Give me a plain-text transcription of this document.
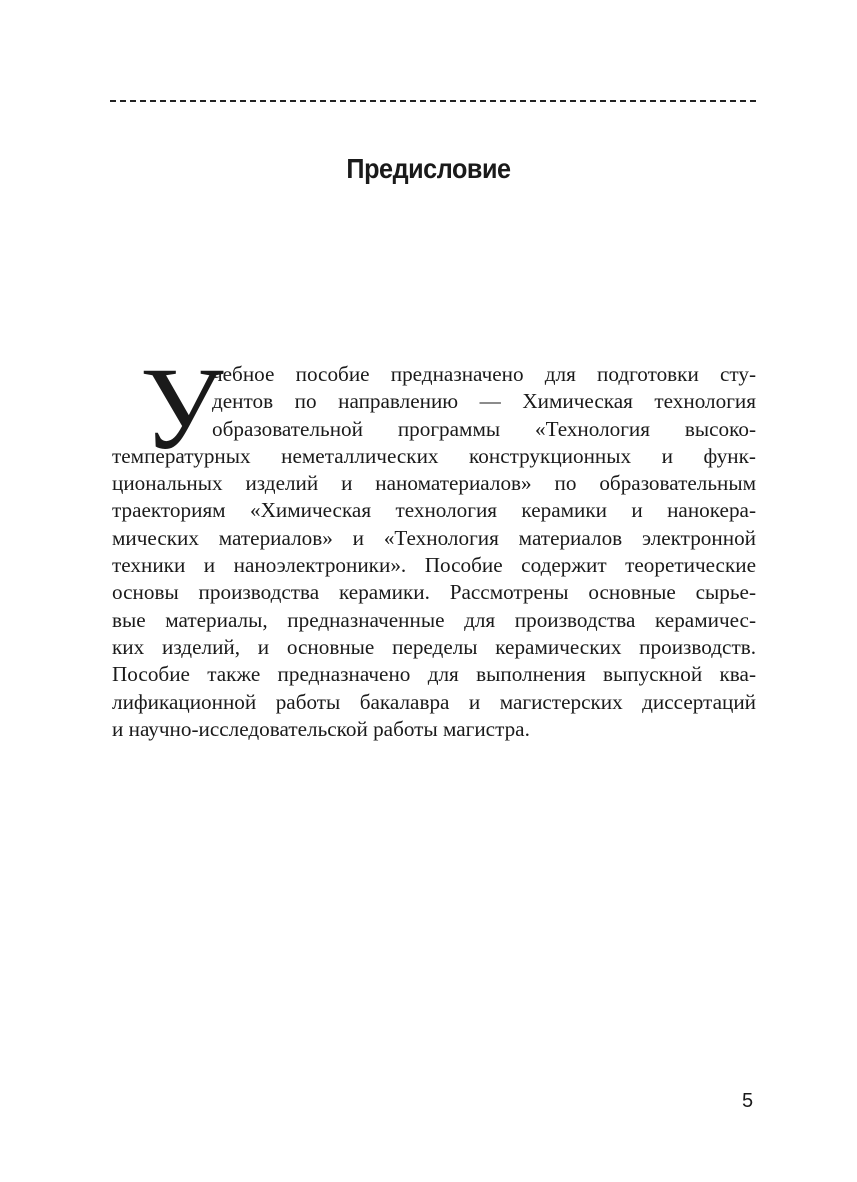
Предисловие
У
чебное пособие предназначено для подготовки сту-
дентов по направлению — Химическая технология
образовательной программы «Технология высоко-
температурных неметаллических конструкционных и функ-
циональных изделий и наноматериалов» по образовательным
траекториям «Химическая технология керамики и нанокера-
мических материалов» и «Технология материалов электронной
техники и наноэлектроники». Пособие содержит теоретические
основы производства керамики. Рассмотрены основные сырье-
вые материалы, предназначенные для производства керамичес-
ких изделий, и основные переделы керамических производств.
Пособие также предназначено для выполнения выпускной ква-
лификационной работы бакалавра и магистерских диссертаций
и научно-исследовательской работы магистра.
5
